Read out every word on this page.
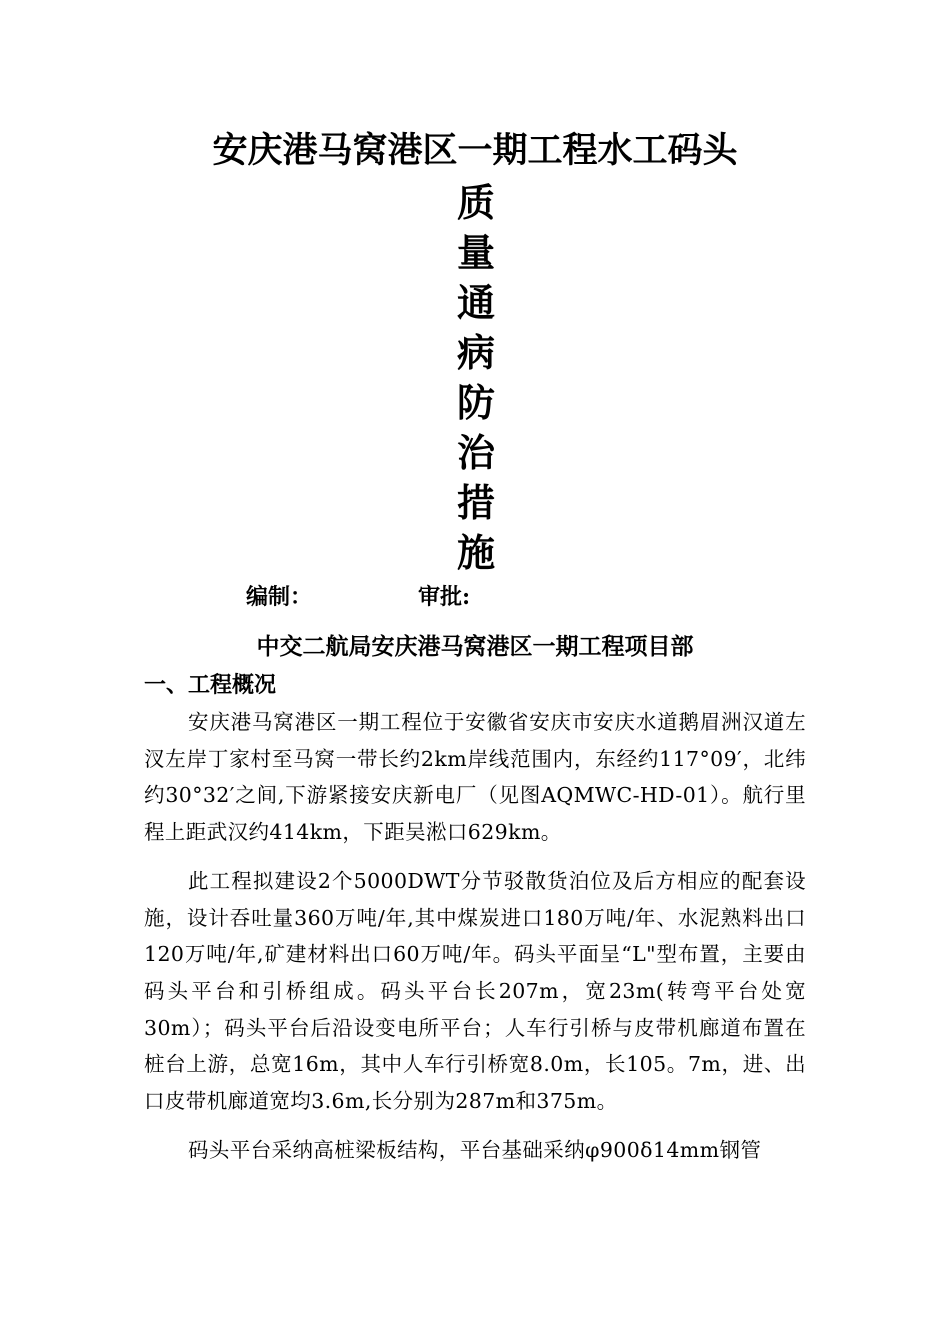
安庆港马窝港区一期工程水工码头
质
量
通
病
防
治
措
施
编制：	审批:
中交二航局安庆港马窝港区一期工程项目部
一、工程概况

安庆港马窝港区一期工程位于安徽省安庆市安庆水道鹅眉洲汉道左汊左岸丁家村至马窝一带长约2km岸线范围内，东经约117°09′，北纬约30°32′之间,下游紧接安庆新电厂（见图AQMWC-HD-01）。航行里程上距武汉约414km，下距吴淞口629km。

此工程拟建设2个5000DWT分节驳散货泊位及后方相应的配套设施，设计吞吐量360万吨/年,其中煤炭进口180万吨/年、水泥熟料出口120万吨/年,矿建材料出口60万吨/年。码头平面呈“L"型布置，主要由码头平台和引桥组成。码头平台长207m，宽23m(转弯平台处宽30m）；码头平台后沿设变电所平台；人车行引桥与皮带机廊道布置在桩台上游，总宽16m，其中人车行引桥宽8.0m，长105。7m，进、出口皮带机廊道宽均3.6m,长分别为287m和375m。

码头平台采纳高桩梁板结构，平台基础采纳φ900δ14mm钢管
